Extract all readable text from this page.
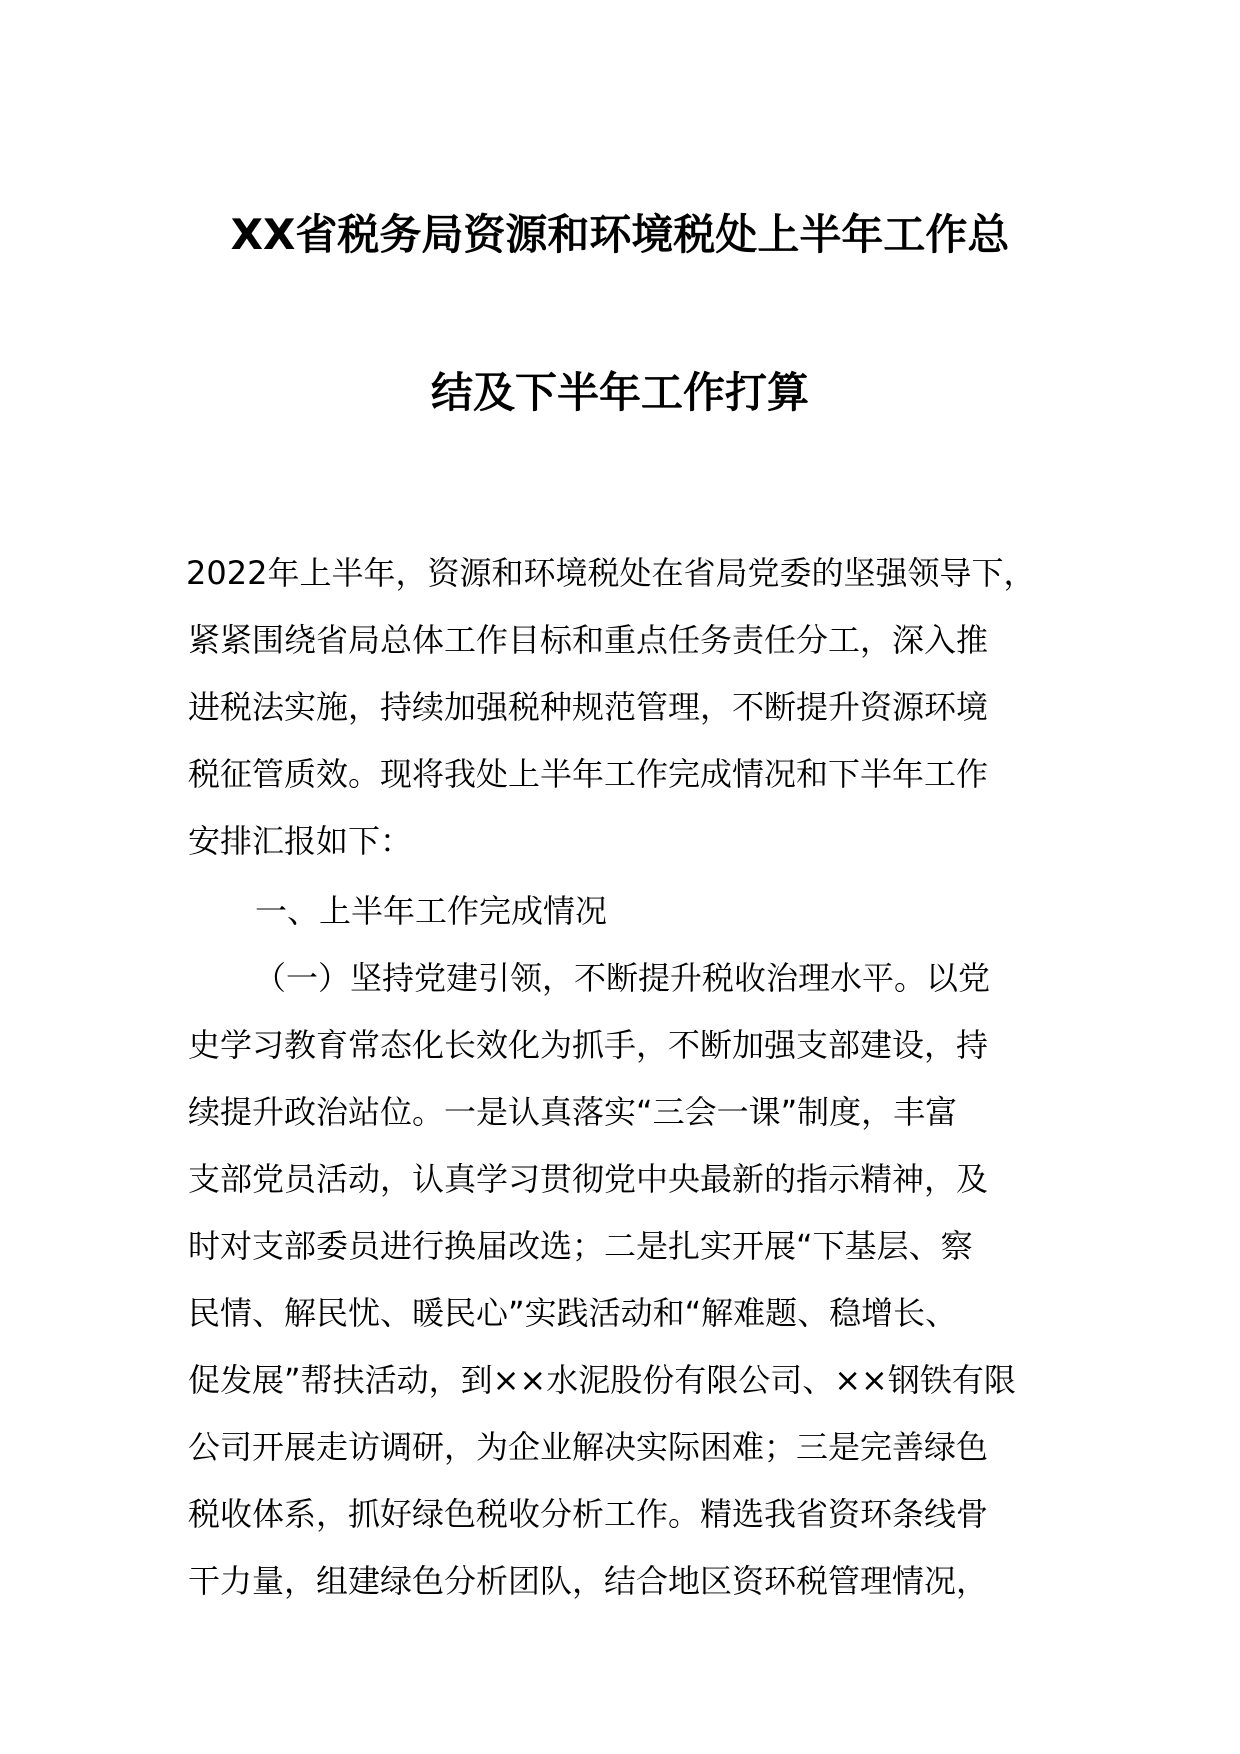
XX省税务局资源和环境税处上半年工作总
结及下半年工作打算
2022年上半年，资源和环境税处在省局党委的坚强领导下，
紧紧围绕省局总体工作目标和重点任务责任分工，深入推
进税法实施，持续加强税种规范管理，不断提升资源环境
税征管质效。现将我处上半年工作完成情况和下半年工作
安排汇报如下：
一、上半年工作完成情况
（一）坚持党建引领，不断提升税收治理水平。以党
史学习教育常态化长效化为抓手，不断加强支部建设，持
续提升政治站位。一是认真落实“三会一课”制度，丰富
支部党员活动，认真学习贯彻党中央最新的指示精神，及
时对支部委员进行换届改选；二是扎实开展“下基层、察
民情、解民忧、暖民心”实践活动和“解难题、稳增长、
促发展”帮扶活动，到××水泥股份有限公司、××钢铁有限
公司开展走访调研，为企业解决实际困难；三是完善绿色
税收体系，抓好绿色税收分析工作。精选我省资环条线骨
干力量，组建绿色分析团队，结合地区资环税管理情况，
